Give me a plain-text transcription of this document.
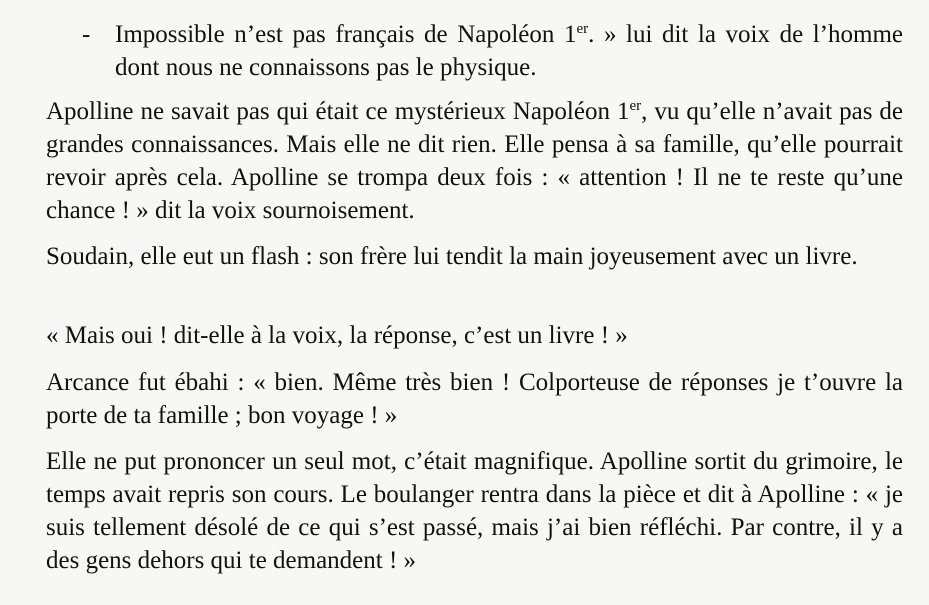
- Impossible n’est pas français de Napoléon 1er. » lui dit la voix de l’homme dont nous ne connaissons pas le physique.

Apolline ne savait pas qui était ce mystérieux Napoléon 1er, vu qu’elle n’avait pas de grandes connaissances. Mais elle ne dit rien. Elle pensa à sa famille, qu’elle pourrait revoir après cela. Apolline se trompa deux fois : « attention ! Il ne te reste qu’une chance ! » dit la voix sournoisement.

Soudain, elle eut un flash : son frère lui tendit la main joyeusement avec un livre.

« Mais oui ! dit-elle à la voix, la réponse, c’est un livre ! »

Arcance fut ébahi : « bien. Même très bien ! Colporteuse de réponses je t’ouvre la porte de ta famille ; bon voyage ! »

Elle ne put prononcer un seul mot, c’était magnifique. Apolline sortit du grimoire, le temps avait repris son cours. Le boulanger rentra dans la pièce et dit à Apolline : « je suis tellement désolé de ce qui s’est passé, mais j’ai bien réfléchi. Par contre, il y a des gens dehors qui te demandent ! »
